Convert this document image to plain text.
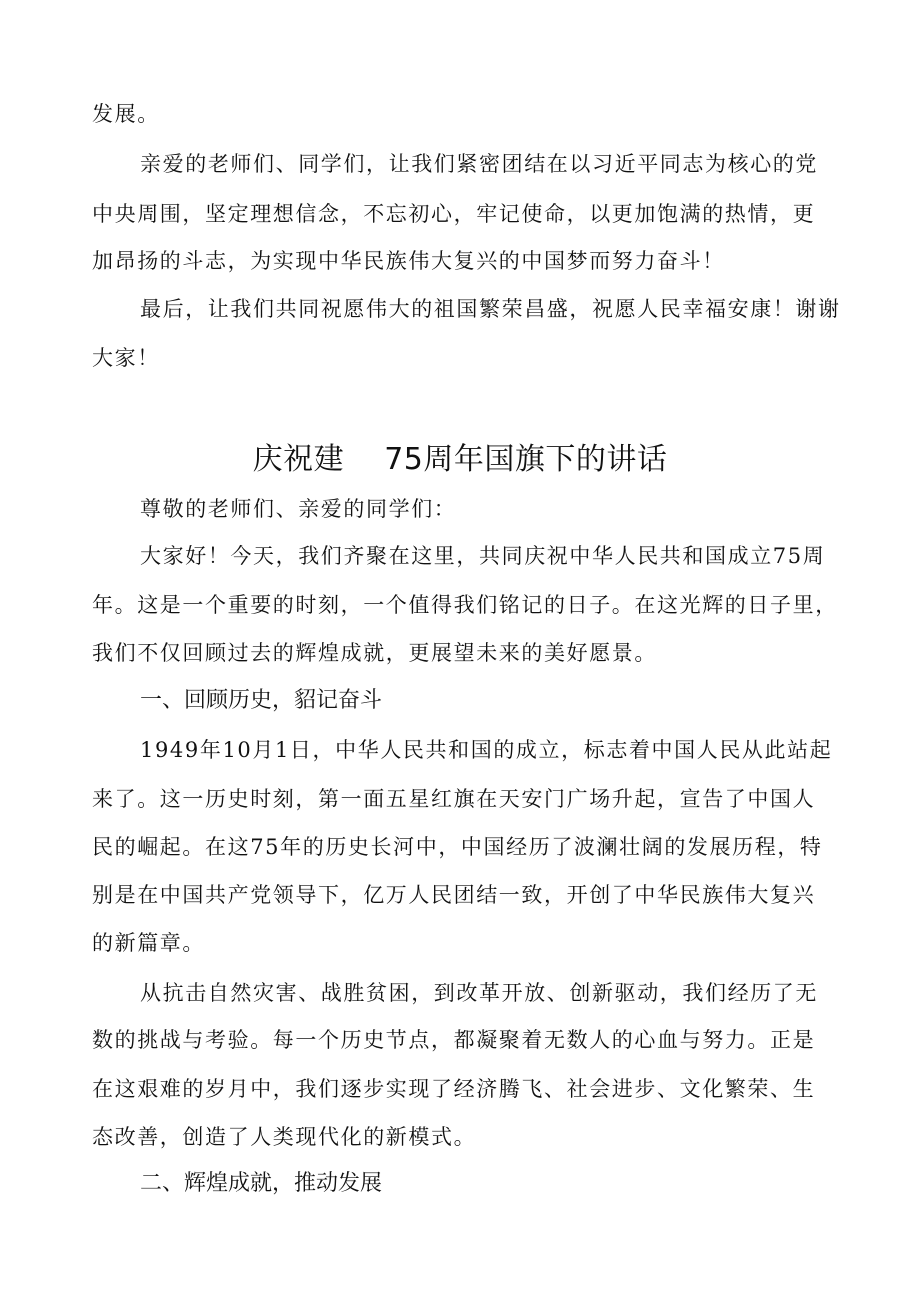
发展。
亲爱的老师们、同学们，让我们紧密团结在以习近平同志为核心的党
中央周围，坚定理想信念，不忘初心，牢记使命，以更加饱满的热情，更
加昂扬的斗志，为实现中华民族伟大复兴的中国梦而努力奋斗！
最后，让我们共同祝愿伟大的祖国繁荣昌盛，祝愿人民幸福安康！谢谢
大家！
庆祝建    75周年国旗下的讲话
尊敬的老师们、亲爱的同学们：
大家好！今天，我们齐聚在这里，共同庆祝中华人民共和国成立75周
年。这是一个重要的时刻，一个值得我们铭记的日子。在这光辉的日子里，
我们不仅回顾过去的辉煌成就，更展望未来的美好愿景。
一、回顾历史，貂记奋斗
1949年10月1日，中华人民共和国的成立，标志着中国人民从此站起
来了。这一历史时刻，第一面五星红旗在天安门广场升起，宣告了中国人
民的崛起。在这75年的历史长河中，中国经历了波澜壮阔的发展历程，特
别是在中国共产党领导下，亿万人民团结一致，开创了中华民族伟大复兴
的新篇章。
从抗击自然灾害、战胜贫困，到改革开放、创新驱动，我们经历了无
数的挑战与考验。每一个历史节点，都凝聚着无数人的心血与努力。正是
在这艰难的岁月中，我们逐步实现了经济腾飞、社会进步、文化繁荣、生
态改善，创造了人类现代化的新模式。
二、辉煌成就，推动发展
